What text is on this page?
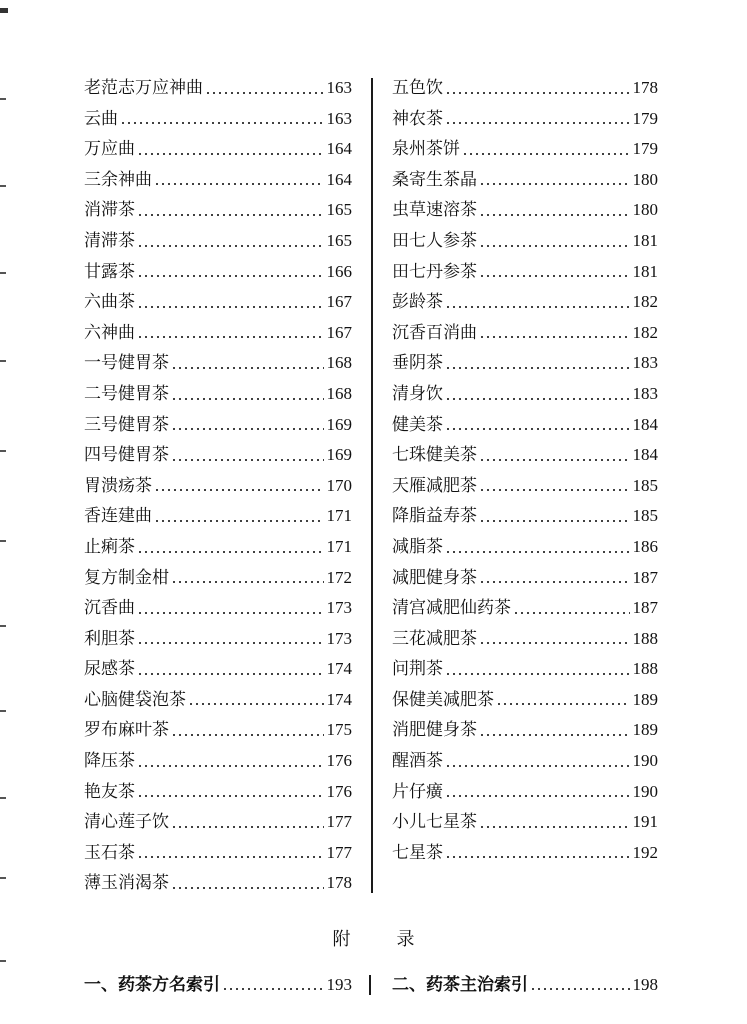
老范志万应神曲	163
云曲	163
万应曲	164
三余神曲	164
消滞茶	165
清滞茶	165
甘露茶	166
六曲茶	167
六神曲	167
一号健胃茶	168
二号健胃茶	168
三号健胃茶	169
四号健胃茶	169
胃溃疡茶	170
香连建曲	171
止痢茶	171
复方制金柑	172
沉香曲	173
利胆茶	173
尿感茶	174
心脑健袋泡茶	174
罗布麻叶茶	175
降压茶	176
艳友茶	176
清心莲子饮	177
玉石茶	177
薄玉消渴茶	178
五色饮	178
神农茶	179
泉州茶饼	179
桑寄生茶晶	180
虫草速溶茶	180
田七人参茶	181
田七丹参茶	181
彭龄茶	182
沉香百消曲	182
垂阴茶	183
清身饮	183
健美茶	184
七珠健美茶	184
天雁减肥茶	185
降脂益寿茶	185
减脂茶	186
减肥健身茶	187
清宫减肥仙药茶	187
三花减肥茶	188
问荆茶	188
保健美减肥茶	189
消肥健身茶	189
醒酒茶	190
片仔癀	190
小儿七星茶	191
七星茶	192
附	录
一、药茶方名索引	193 二、药茶主治索引	198
